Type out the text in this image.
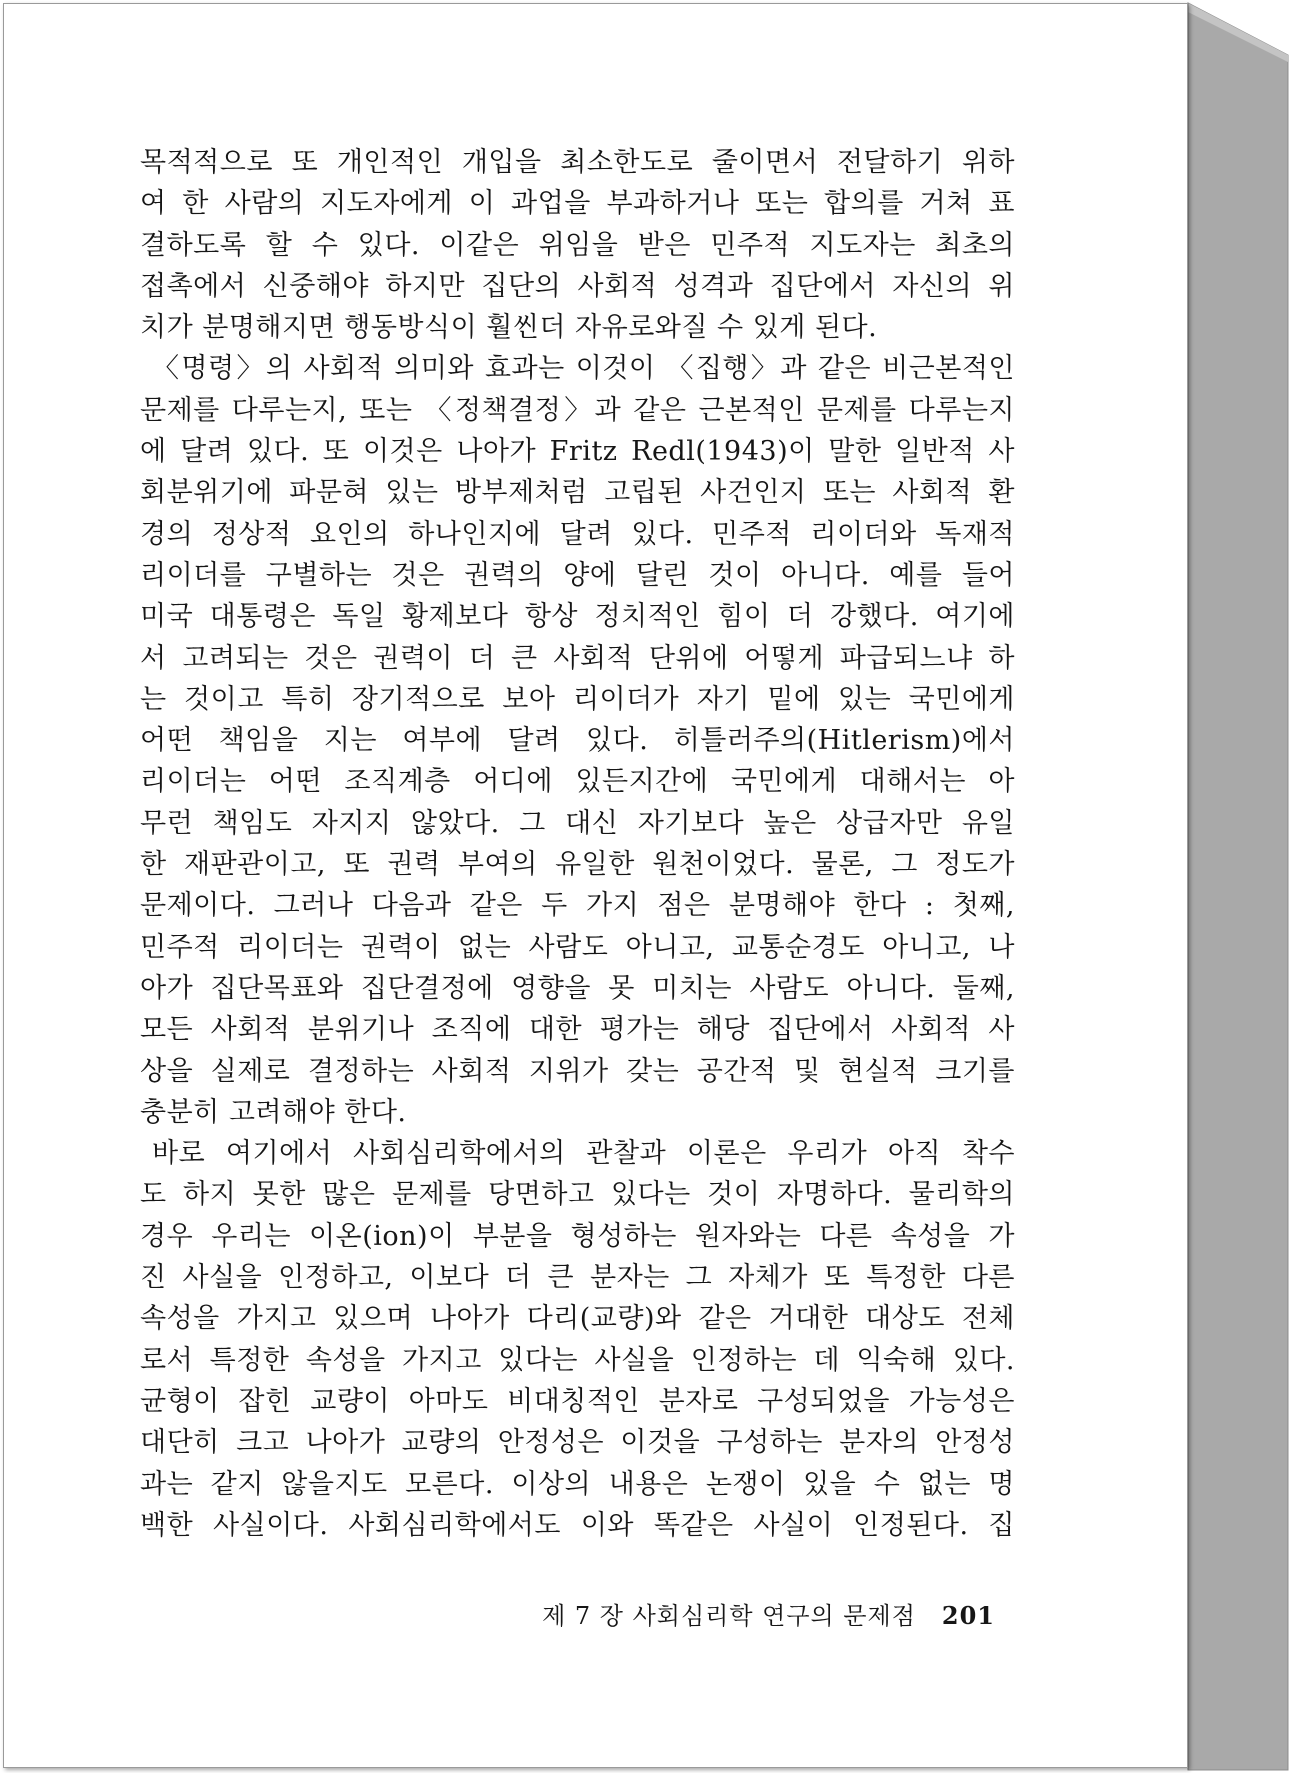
목적적으로 또 개인적인 개입을 최소한도로 줄이면서 전달하기 위하
여 한 사람의 지도자에게 이 과업을 부과하거나 또는 합의를 거쳐 표
결하도록 할 수 있다. 이같은 위임을 받은 민주적 지도자는 최초의
접촉에서 신중해야 하지만 집단의 사회적 성격과 집단에서 자신의 위
치가 분명해지면 행동방식이 훨씬더 자유로와질 수 있게 된다.
〈명령〉의 사회적 의미와 효과는 이것이 〈집행〉과 같은 비근본적인
문제를 다루는지, 또는 〈정책결정〉과 같은 근본적인 문제를 다루는지
에 달려 있다. 또 이것은 나아가 Fritz Redl(1943)이 말한 일반적 사
회분위기에 파문혀 있는 방부제처럼 고립된 사건인지 또는 사회적 환
경의 정상적 요인의 하나인지에 달려 있다. 민주적 리이더와 독재적
리이더를 구별하는 것은 권력의 양에 달린 것이 아니다. 예를 들어
미국 대통령은 독일 황제보다 항상 정치적인 힘이 더 강했다. 여기에
서 고려되는 것은 권력이 더 큰 사회적 단위에 어떻게 파급되느냐 하
는 것이고 특히 장기적으로 보아 리이더가 자기 밑에 있는 국민에게
어떤 책임을 지는 여부에 달려 있다. 히틀러주의(Hitlerism)에서
리이더는 어떤 조직계층 어디에 있든지간에 국민에게 대해서는 아
무런 책임도 자지지 않았다. 그 대신 자기보다 높은 상급자만 유일
한 재판관이고, 또 권력 부여의 유일한 원천이었다. 물론, 그 정도가
문제이다. 그러나 다음과 같은 두 가지 점은 분명해야 한다 : 첫째,
민주적 리이더는 권력이 없는 사람도 아니고, 교통순경도 아니고, 나
아가 집단목표와 집단결정에 영향을 못 미치는 사람도 아니다. 둘째,
모든 사회적 분위기나 조직에 대한 평가는 해당 집단에서 사회적 사
상을 실제로 결정하는 사회적 지위가 갖는 공간적 및 현실적 크기를
충분히 고려해야 한다.
바로 여기에서 사회심리학에서의 관찰과 이론은 우리가 아직 착수
도 하지 못한 많은 문제를 당면하고 있다는 것이 자명하다. 물리학의
경우 우리는 이온(ion)이 부분을 형성하는 원자와는 다른 속성을 가
진 사실을 인정하고, 이보다 더 큰 분자는 그 자체가 또 특정한 다른
속성을 가지고 있으며 나아가 다리(교량)와 같은 거대한 대상도 전체
로서 특정한 속성을 가지고 있다는 사실을 인정하는 데 익숙해 있다.
균형이 잡힌 교량이 아마도 비대칭적인 분자로 구성되었을 가능성은
대단히 크고 나아가 교량의 안정성은 이것을 구성하는 분자의 안정성
과는 같지 않을지도 모른다. 이상의 내용은 논쟁이 있을 수 없는 명
백한 사실이다. 사회심리학에서도 이와 똑같은 사실이 인정된다. 집
제 7 장 사회심리학 연구의 문제점 201
